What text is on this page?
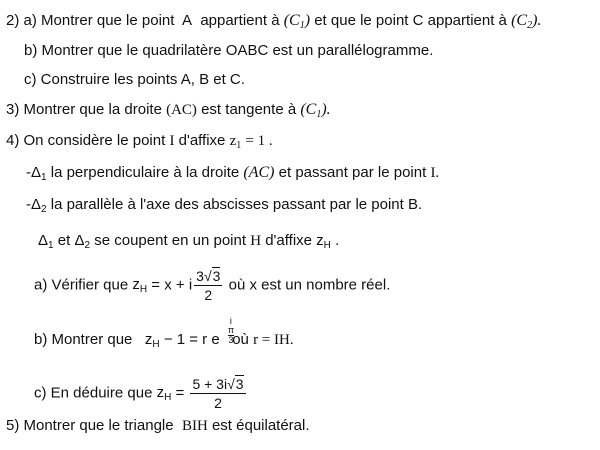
2) a) Montrer que le point A appartient à $(C_1)$ et que le point C appartient à $(C_2)$.
b) Montrer que le quadrilatère OABC est un parallélogramme.
c) Construire les points A, B et C.
3) Montrer que la droite (AC) est tangente à $(C_1)$.
4) On considère le point I d'affixe $z_1 = 1$ .
$-\Delta_1$ la perpendiculaire à la droite (AC) et passant par le point I.
$-\Delta_2$ la parallèle à l'axe des abscisses passant par le point B.
$\Delta_1$ et $\Delta_2$ se coupent en un point H d'affixe $z_H$ .
a) Vérifier que $z_H = x + i \frac{3√3}{2}$ où x est un nombre réel.
b) Montrer que $z_H - 1 = r$ e
i
π
3
où r = IH.
c) En déduire que $z_H = \frac{5 + 3i√3}{2}$
5) Montrer que le triangle BIH est équilatéral.
